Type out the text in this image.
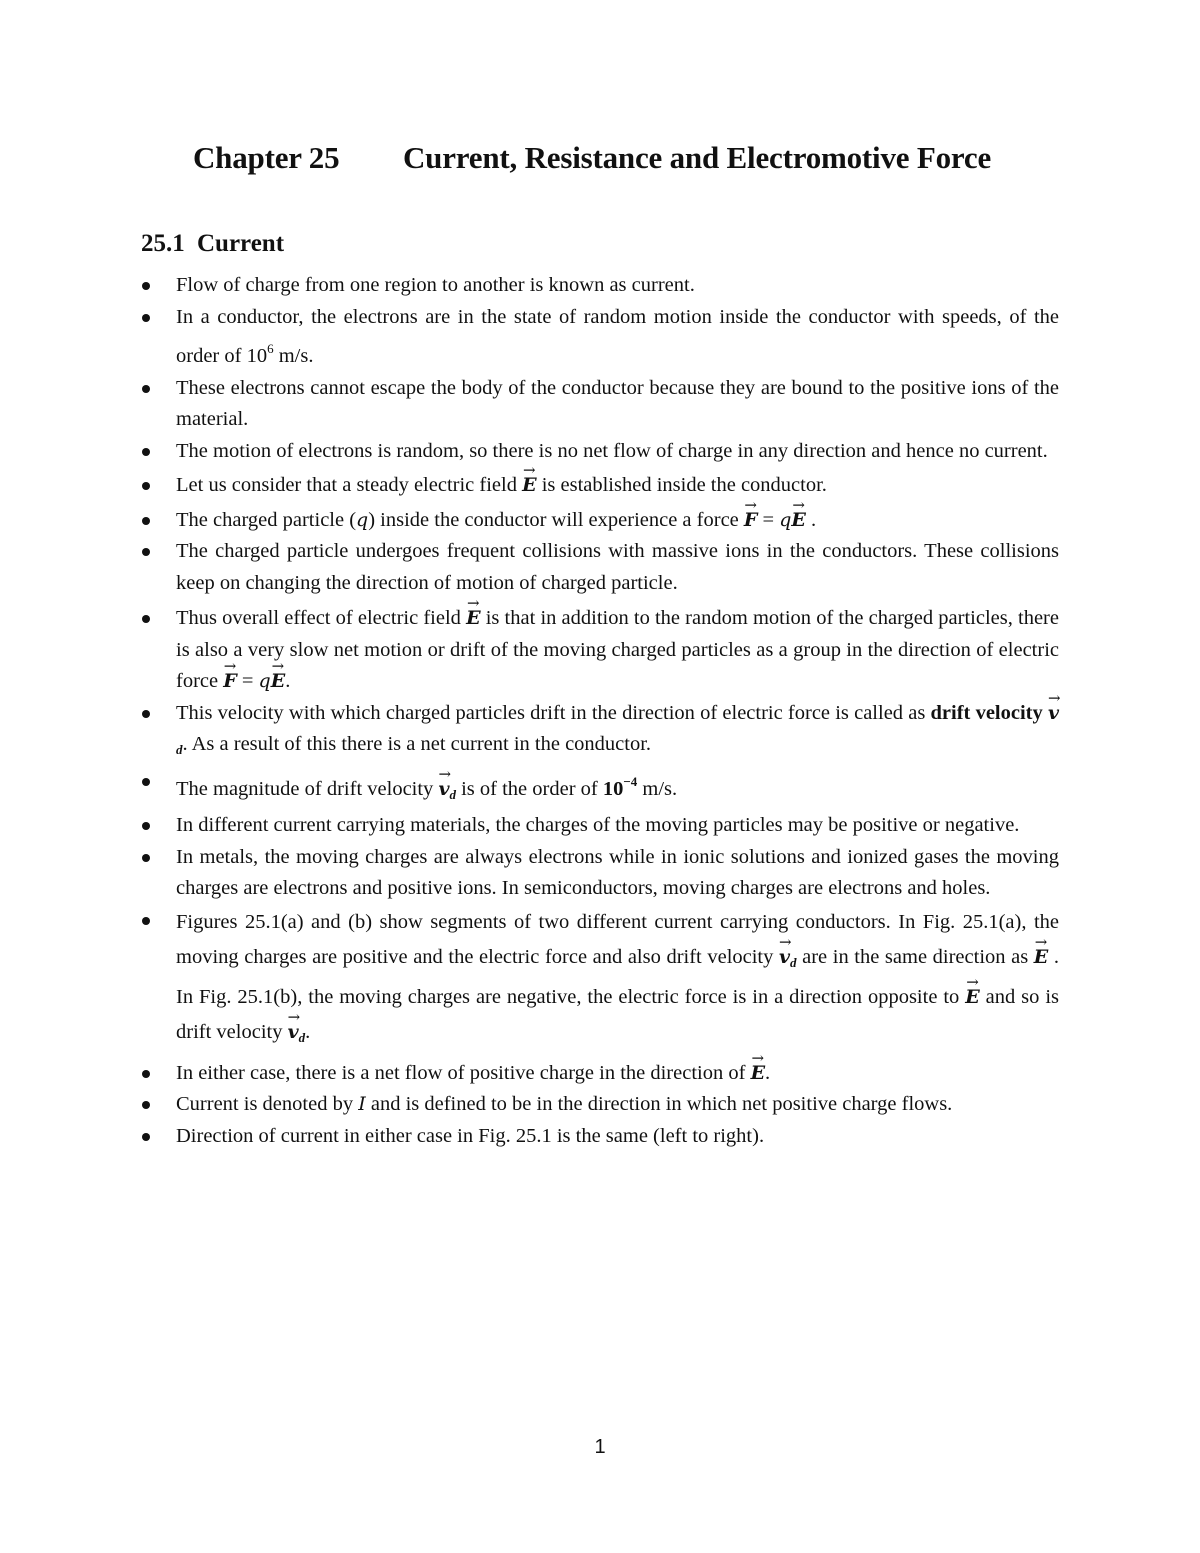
Chapter 25 Current, Resistance and Electromotive Force
25.1 Current
Flow of charge from one region to another is known as current.
In a conductor, the electrons are in the state of random motion inside the conductor with speeds, of the order of $10^6$ m/s.
These electrons cannot escape the body of the conductor because they are bound to the positive ions of the material.
The motion of electrons is random, so there is no net flow of charge in any direction and hence no current.
Let us consider that a steady electric field → E is established inside the conductor.
The charged particle (q) inside the conductor will experience a force → F = q→ E .
The charged particle undergoes frequent collisions with massive ions in the conductors. These collisions keep on changing the direction of motion of charged particle.
Thus overall effect of electric field → E is that in addition to the random motion of the charged particles, there is also a very slow net motion or drift of the moving charged particles as a group in the direction of electric force → F = q→ E.
This velocity with which charged particles drift in the direction of electric force is called as drift velocity → $v_d$. As a result of this there is a net current in the conductor.
The magnitude of drift velocity → $v_d$ is of the order of $10^{-4}$ m/s.
In different current carrying materials, the charges of the moving particles may be positive or negative.
In metals, the moving charges are always electrons while in ionic solutions and ionized gases the moving charges are electrons and positive ions. In semiconductors, moving charges are electrons and holes.
Figures 25.1(a) and (b) show segments of two different current carrying conductors. In Fig. 25.1(a), the moving charges are positive and the electric force and also drift velocity → $v_d$ are in the same direction as → E . In Fig. 25.1(b), the moving charges are negative, the electric force is in a direction opposite to → E and so is drift velocity → $v_d$.
In either case, there is a net flow of positive charge in the direction of → E.
Current is denoted by I and is defined to be in the direction in which net positive charge flows.
Direction of current in either case in Fig. 25.1 is the same (left to right).
1
